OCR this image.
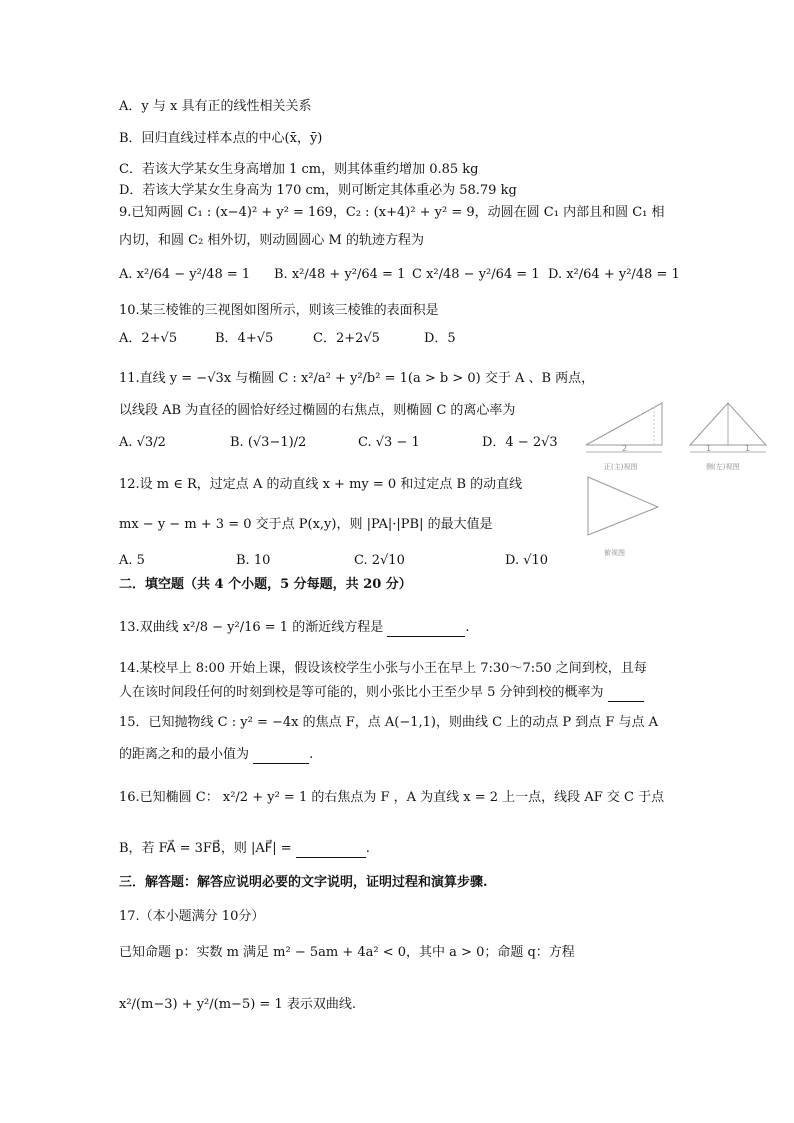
A．y 与 x 具有正的线性相关关系
B．回归直线过样本点的中心(x̄，ȳ)
C．若该大学某女生身高增加 1 cm，则其体重约增加 0.85 kg
D．若该大学某女生身高为 170 cm，则可断定其体重必为 58.79 kg
9.已知两圆 C₁ : (x−4)² + y² = 169，C₂ : (x+4)² + y² = 9，动圆在圆 C₁ 内部且和圆 C₁ 相
内切，和圆 C₂ 相外切，则动圆圆心 M 的轨迹方程为
A. x²/64 − y²/48 = 1 B. x²/48 + y²/64 = 1 C x²/48 − y²/64 = 1 D. x²/64 + y²/48 = 1
10.某三棱锥的三视图如图所示，则该三棱锥的表面积是
A．2+√5	B．4+√5	C．2+2√5	D．5
11.直线 y = −√3x 与椭圆 C : x²/a² + y²/b² = 1(a > b > 0) 交于 A 、B 两点，
以线段 AB 为直径的圆恰好经过椭圆的右焦点，则椭圆 C 的离心率为
A. √3/2	B. (√3−1)/2	C. √3 − 1	D．4 − 2√3	2
正(主)视图
1	1
侧(左)视图
俯视图
12.设 m ∈ R，过定点 A 的动直线 x + my = 0 和过定点 B 的动直线
mx − y − m + 3 = 0 交于点 P(x,y)，则 |PA|·|PB| 的最大值是
A. 5	B. 10	C. 2√10	D. √10
二．填空题（共 4 个小题，5 分每题，共 20 分）
13.双曲线 x²/8 − y²/16 = 1 的渐近线方程是	.
14.某校早上 8:00 开始上课，假设该校学生小张与小王在早上 7:30～7:50 之间到校，且每
人在该时间段任何的时刻到校是等可能的，则小张比小王至少早 5 分钟到校的概率为
15．已知抛物线 C : y² = −4x 的焦点 F，点 A(−1,1)，则曲线 C 上的动点 P 到点 F 与点 A
的距离之和的最小值为	.
16.已知椭圆 C： x²/2 + y² = 1 的右焦点为 F ，A 为直线 x = 2 上一点，线段 AF 交 C 于点
B，若 FA⃗ = 3FB⃗，则 |AF⃗| =	.
三．解答题：解答应说明必要的文字说明，证明过程和演算步骤.
17.（本小题满分 10分）
已知命题 p：实数 m 满足 m² − 5am + 4a² < 0，其中 a > 0；命题 q：方程
x²/(m−3) + y²/(m−5) = 1 表示双曲线.
